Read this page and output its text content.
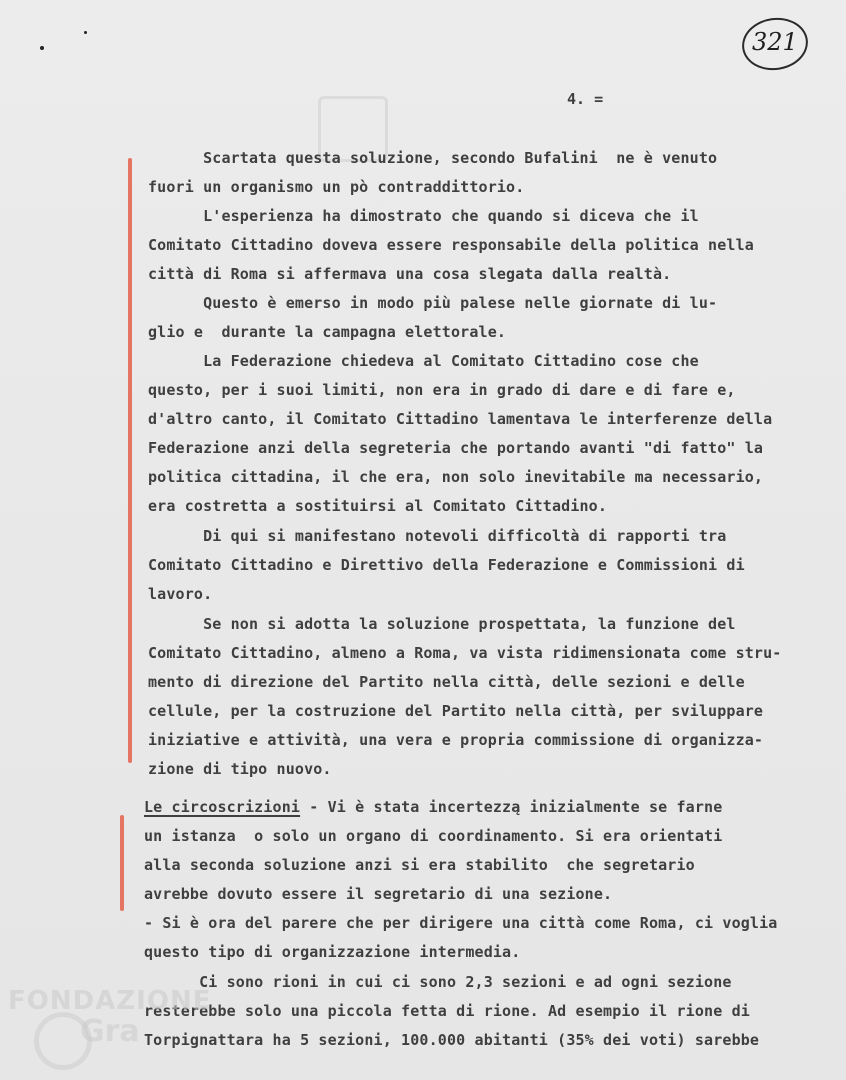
321
4. =
Scartata questa soluzione, secondo Bufalini  ne è venuto
fuori un organismo un pò contraddittorio.
L'esperienza ha dimostrato che quando si diceva che il
Comitato Cittadino doveva essere responsabile della politica nella
città di Roma si affermava una cosa slegata dalla realtà.
Questo è emerso in modo più palese nelle giornate di lu-
glio e  durante la campagna elettorale.
La Federazione chiedeva al Comitato Cittadino cose che
questo, per i suoi limiti, non era in grado di dare e di fare e,
d'altro canto, il Comitato Cittadino lamentava le interferenze della
Federazione anzi della segreteria che portando avanti "di fatto" la
politica cittadina, il che era, non solo inevitabile ma necessario,
era costretta a sostituirsi al Comitato Cittadino.
Di qui si manifestano notevoli difficoltà di rapporti tra
Comitato Cittadino e Direttivo della Federazione e Commissioni di
lavoro.
Se non si adotta la soluzione prospettata, la funzione del
Comitato Cittadino, almeno a Roma, va vista ridimensionata come stru-
mento di direzione del Partito nella città, delle sezioni e delle
cellule, per la costruzione del Partito nella città, per sviluppare
iniziative e attività, una vera e propria commissione di organizza-
zione di tipo nuovo.
Le circoscrizioni - Vi è stata incertezzą inizialmente se farne
un istanza  o solo un organo di coordinamento. Si era orientati
alla seconda soluzione anzi si era stabilito  che segretario
avrebbe dovuto essere il segretario di una sezione.
- Si è ora del parere che per dirigere una città come Roma, ci voglia
questo tipo di organizzazione intermedia.
Ci sono rioni in cui ci sono 2,3 sezioni e ad ogni sezione
resterebbe solo una piccola fetta di rione. Ad esempio il rione di
Torpignattara ha 5 sezioni, 100.000 abitanti (35% dei voti) sarebbe
FONDAZIONE
Gra
